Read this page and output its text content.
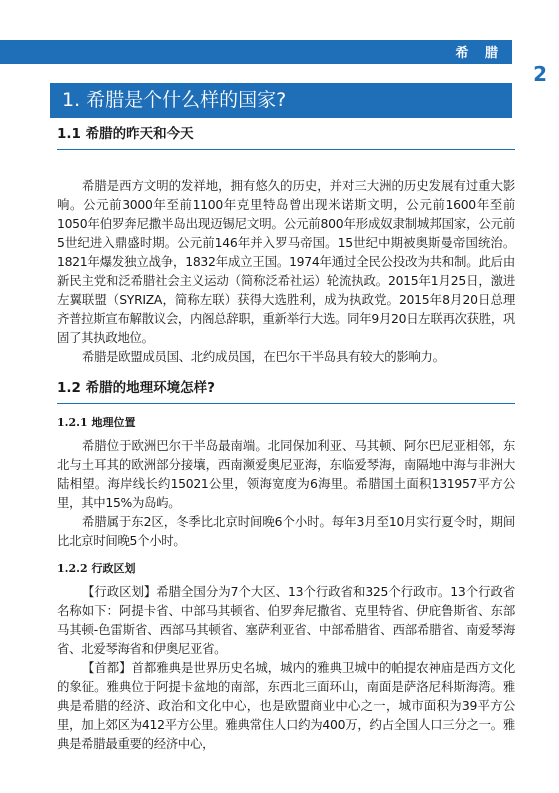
希 腊
2
1. 希腊是个什么样的国家?
1.1 希腊的昨天和今天

希腊是西方文明的发祥地，拥有悠久的历史，并对三大洲的历史发展有过重大影响。公元前3000年至前1100年克里特岛曾出现米诺斯文明，公元前1600年至前1050年伯罗奔尼撒半岛出现迈锡尼文明。公元前800年形成奴隶制城邦国家，公元前5世纪进入鼎盛时期。公元前146年并入罗马帝国。15世纪中期被奥斯曼帝国统治。1821年爆发独立战争，1832年成立王国。1974年通过全民公投改为共和制。此后由新民主党和泛希腊社会主义运动（简称泛希社运）轮流执政。2015年1月25日，激进左翼联盟（SYRIZA，简称左联）获得大选胜利，成为执政党。2015年8月20日总理齐普拉斯宣布解散议会，内阁总辞职，重新举行大选。同年9月20日左联再次获胜，巩固了其执政地位。

希腊是欧盟成员国、北约成员国，在巴尔干半岛具有较大的影响力。

1.2 希腊的地理环境怎样?
1.2.1 地理位置

希腊位于欧洲巴尔干半岛最南端。北同保加利亚、马其顿、阿尔巴尼亚相邻，东北与土耳其的欧洲部分接壤，西南濒爱奥尼亚海，东临爱琴海，南隔地中海与非洲大陆相望。海岸线长约15021公里，领海宽度为6海里。希腊国土面积131957平方公里，其中15%为岛屿。

希腊属于东2区，冬季比北京时间晚6个小时。每年3月至10月实行夏令时，期间比北京时间晚5个小时。

1.2.2 行政区划

【行政区划】希腊全国分为7个大区、13个行政省和325个行政市。13个行政省名称如下：阿提卡省、中部马其顿省、伯罗奔尼撒省、克里特省、伊庇鲁斯省、东部马其顿-色雷斯省、西部马其顿省、塞萨利亚省、中部希腊省、西部希腊省、南爱琴海省、北爱琴海省和伊奥尼亚省。

【首都】首都雅典是世界历史名城，城内的雅典卫城中的帕提农神庙是西方文化的象征。雅典位于阿提卡盆地的南部，东西北三面环山，南面是萨洛尼科斯海湾。雅典是希腊的经济、政治和文化中心，也是欧盟商业中心之一，城市面积为39平方公里，加上郊区为412平方公里。雅典常住人口约为400万，约占全国人口三分之一。雅典是希腊最重要的经济中心，
